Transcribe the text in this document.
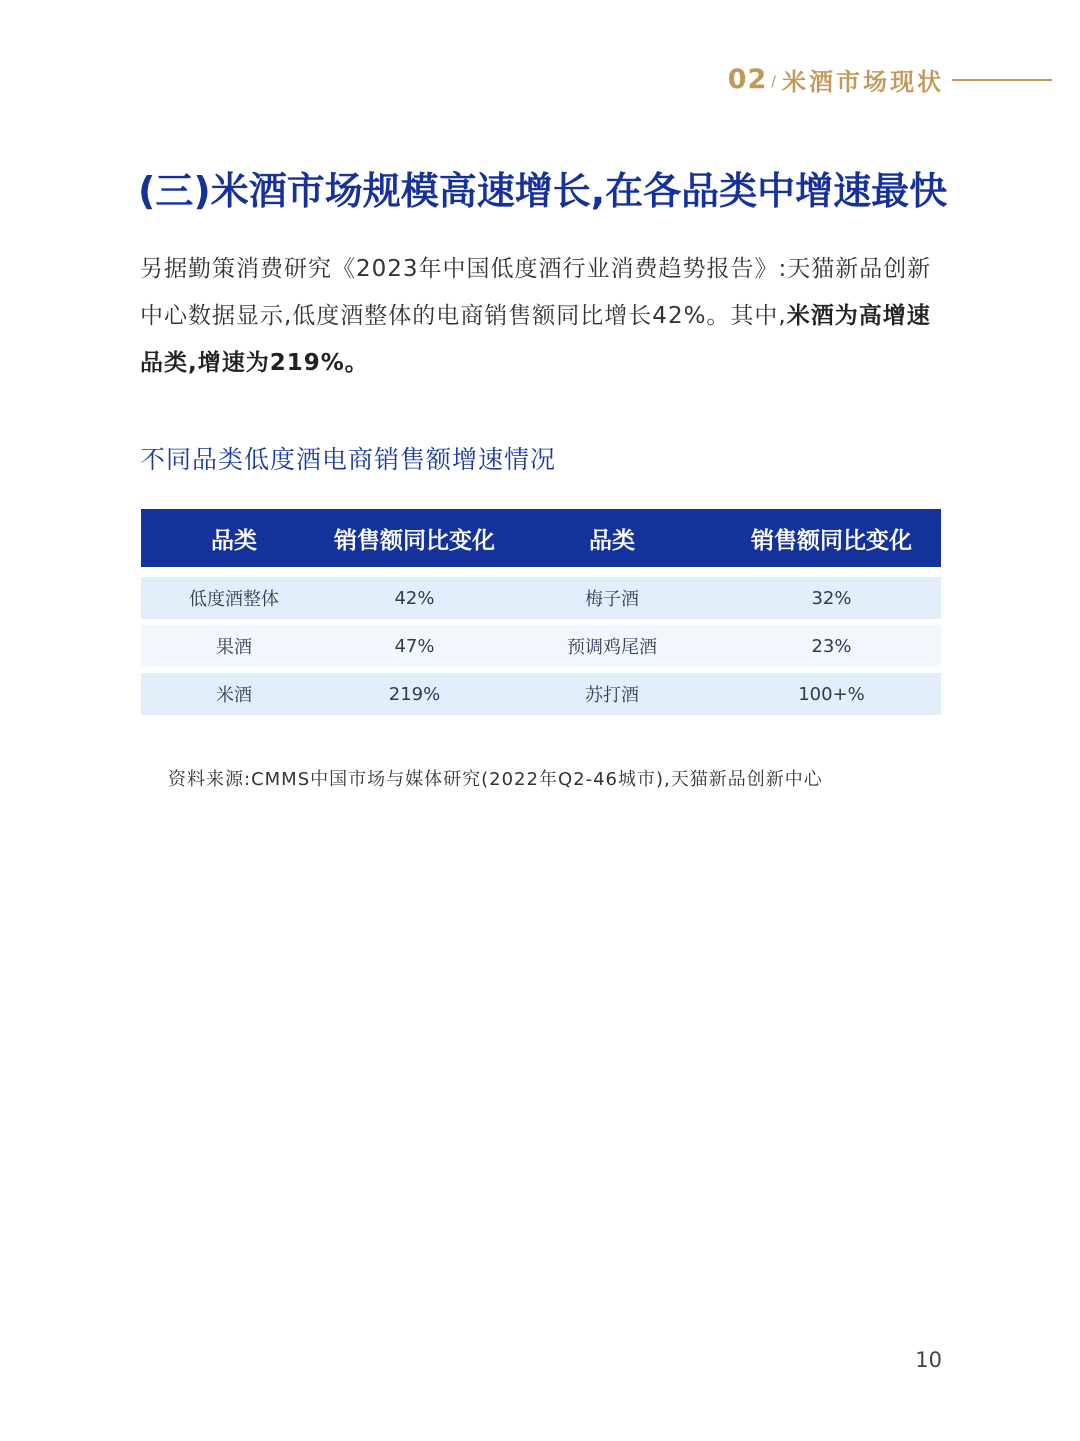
02 / 米酒市场现状
(三)米酒市场规模高速增长,在各品类中增速最快
另据勤策消费研究《2023年中国低度酒行业消费趋势报告》:天猫新品创新中心数据显示,低度酒整体的电商销售额同比增长42%。其中,米酒为高增速品类,增速为219%。
不同品类低度酒电商销售额增速情况
品类	销售额同比变化	品类	销售额同比变化
低度酒整体	42%	梅子酒	32%
果酒	47%	预调鸡尾酒	23%
米酒	219%	苏打酒	100+%
资料来源:CMMS中国市场与媒体研究(2022年Q2-46城市),天猫新品创新中心
10
